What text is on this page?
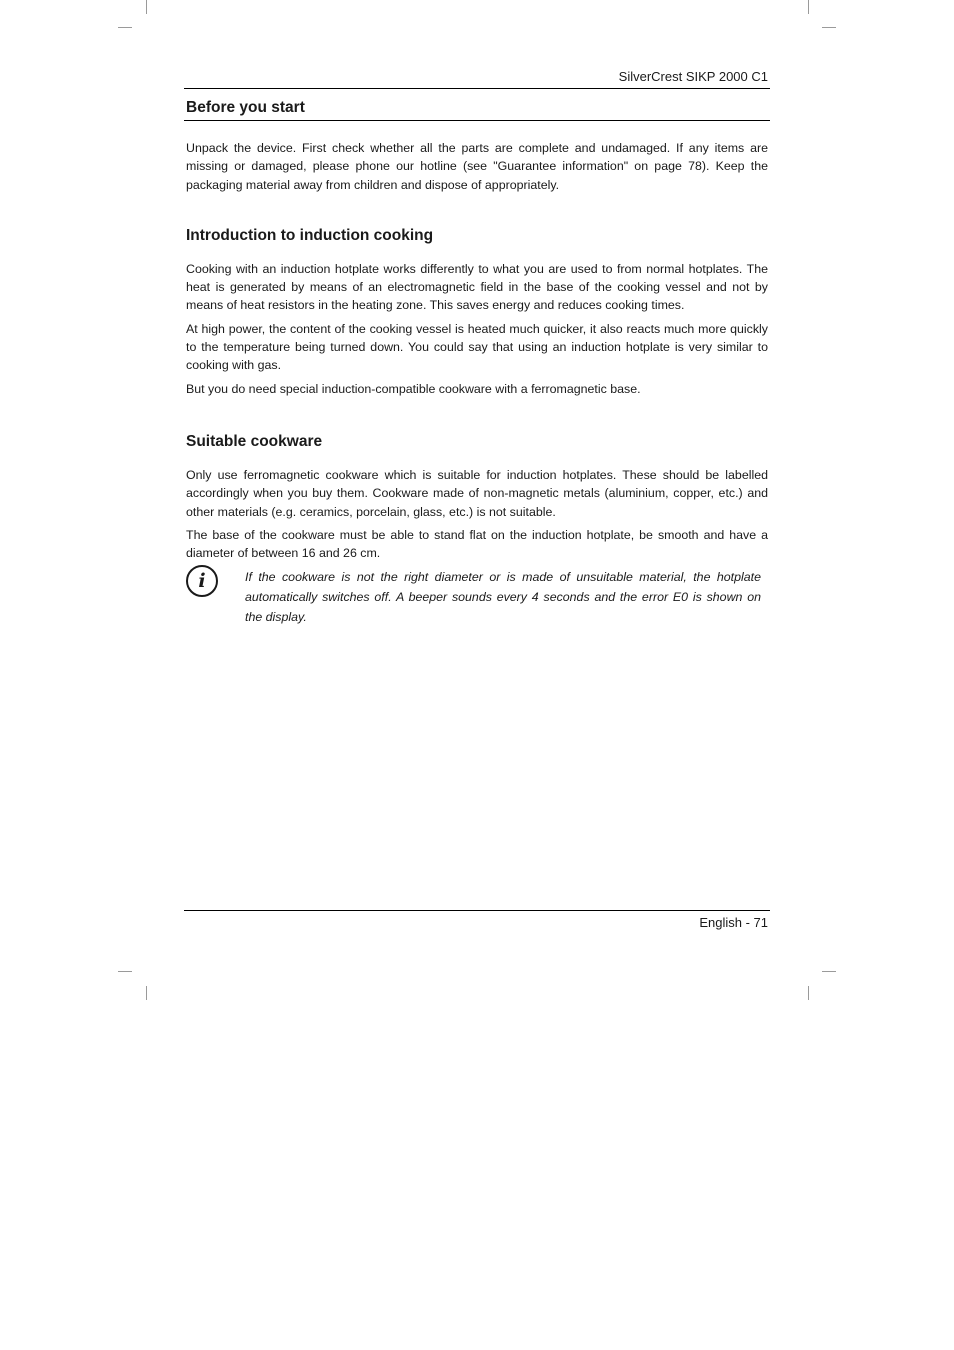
SilverCrest SIKP 2000 C1
Before you start

Unpack the device. First check whether all the parts are complete and undamaged. If any items are missing or damaged, please phone our hotline (see "Guarantee information" on page 78). Keep the packaging material away from children and dispose of appropriately.

Introduction to induction cooking

Cooking with an induction hotplate works differently to what you are used to from normal hotplates. The heat is generated by means of an electromagnetic field in the base of the cooking vessel and not by means of heat resistors in the heating zone. This saves energy and reduces cooking times.

At high power, the content of the cooking vessel is heated much quicker, it also reacts much more quickly to the temperature being turned down. You could say that using an induction hotplate is very similar to cooking with gas.

But you do need special induction-compatible cookware with a ferromagnetic base.

Suitable cookware

Only use ferromagnetic cookware which is suitable for induction hotplates. These should be labelled accordingly when you buy them. Cookware made of non-magnetic metals (aluminium, copper, etc.) and other materials (e.g. ceramics, porcelain, glass, etc.) is not suitable.

The base of the cookware must be able to stand flat on the induction hotplate, be smooth and have a diameter of between 16 and 26 cm.

i	If the cookware is not the right diameter or is made of unsuitable material, the hotplate automatically switches off. A beeper sounds every 4 seconds and the error E0 is shown on the display.
English - 71
